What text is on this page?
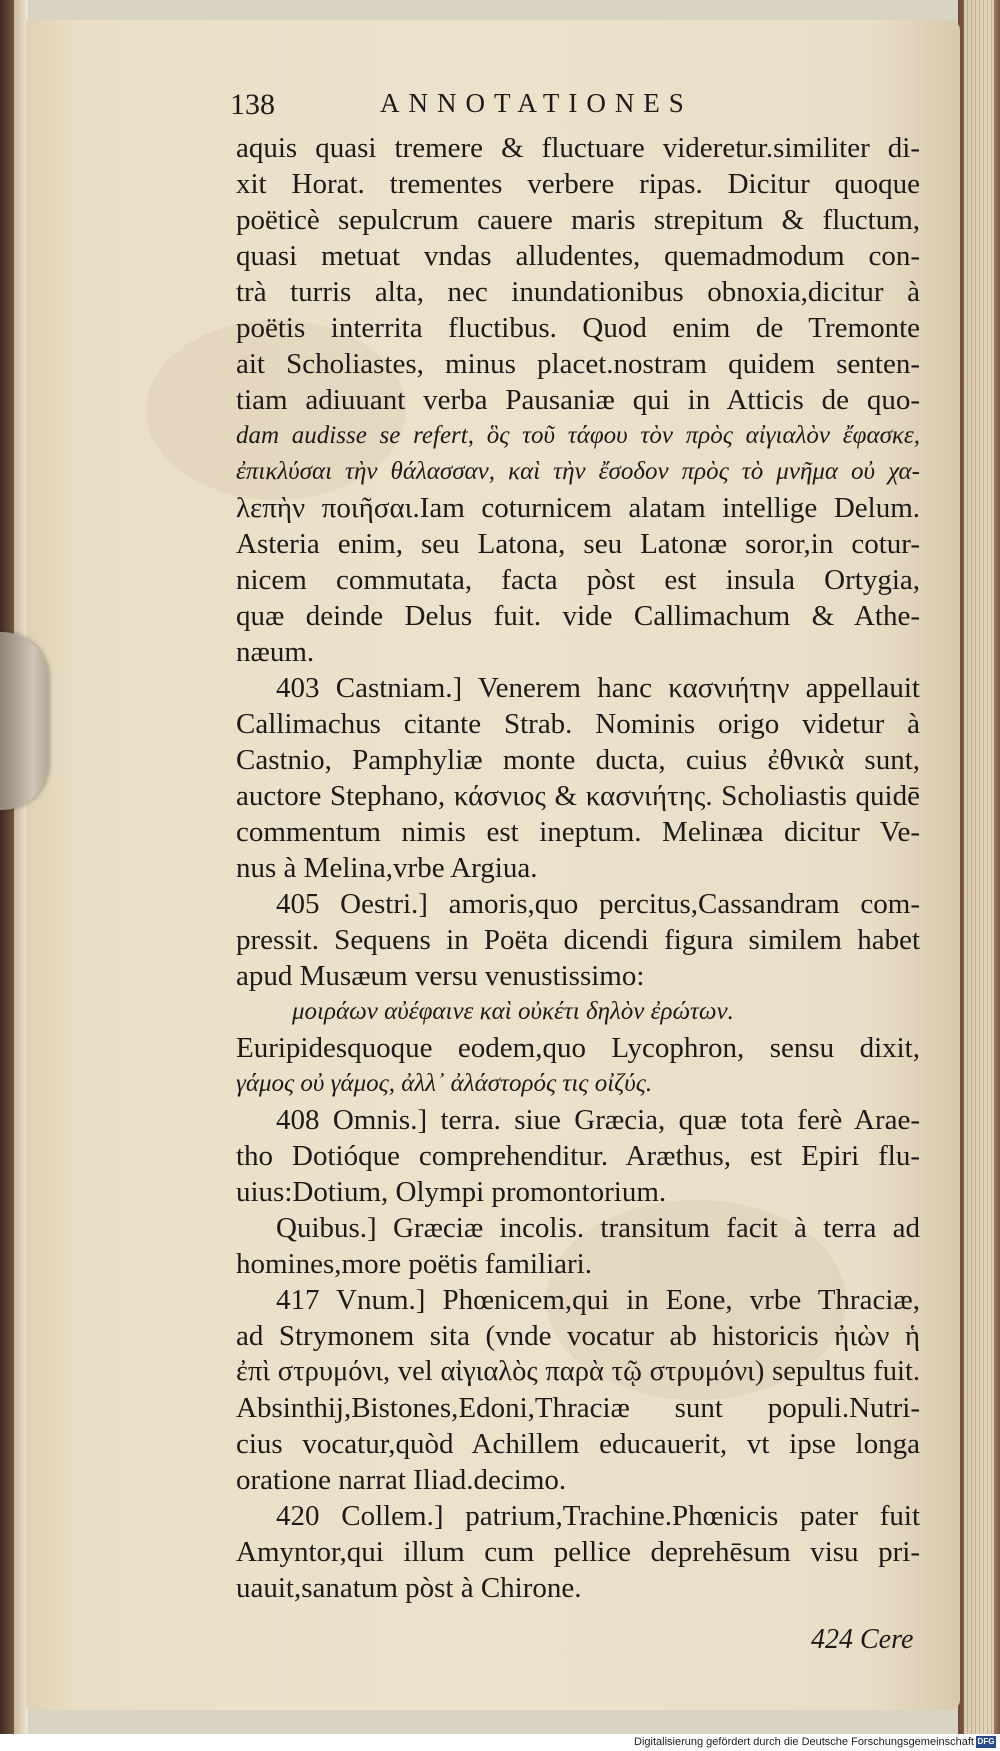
138	ANNOTATIONES
aquis quasi tremere & fluctuare videretur.similiter di-
xit Horat. trementes verbere ripas. Dicitur quoque
poëticè sepulcrum cauere maris strepitum & fluctum,
quasi metuat vndas alludentes, quemadmodum con-
trà turris alta, nec inundationibus obnoxia,dicitur à
poëtis interrita fluctibus. Quod enim de Tremonte
ait Scholiastes, minus placet.nostram quidem senten-
tiam adiuuant verba Pausaniæ qui in Atticis de quo-
dam audisse se refert, ὃς τοῦ τάφου τὸν πρὸς αἰγιαλὸν ἔφασκε,
ἐπικλύσαι τὴν θάλασσαν, καὶ τὴν ἔσοδον πρὸς τὸ μνῆμα οὐ χα-
λεπὴν ποιῆσαι.Iam coturnicem alatam intellige Delum.
Asteria enim, seu Latona, seu Latonæ soror,in cotur-
nicem commutata, facta pòst est insula Ortygia,
quæ deinde Delus fuit. vide Callimachum & Athe-
næum.
403 Castniam.] Venerem hanc κασνιήτην appellauit
Callimachus citante Strab. Nominis origo videtur à
Castnio, Pamphyliæ monte ducta, cuius ἐθνικὰ sunt,
auctore Stephano, κάσνιος & κασνιήτης. Scholiastis quidē
commentum nimis est ineptum. Melinæa dicitur Ve-
nus à Melina,vrbe Argiua.
405 Oestri.] amoris,quo percitus,Cassandram com-
pressit. Sequens in Poëta dicendi figura similem habet
apud Musæum versu venustissimo:
μοιράων αὐέφαινε καὶ οὐκέτι δηλὸν ἐρώτων.
Euripidesquoque eodem,quo Lycophron, sensu dixit,
γάμος οὐ γάμος, ἀλλ᾽ ἀλάστορός τις οἰζύς.
408 Omnis.] terra. siue Græcia, quæ tota ferè Arae-
tho Dotióque comprehenditur. Aræthus, est Epiri flu-
uius:Dotium, Olympi promontorium.
Quibus.] Græciæ incolis. transitum facit à terra ad
homines,more poëtis familiari.
417 Vnum.] Phœnicem,qui in Eone, vrbe Thraciæ,
ad Strymonem sita (vnde vocatur ab historicis ἠιὼν ἡ
ἐπὶ στρυμόνι, vel αἰγιαλὸς παρὰ τῷ στρυμόνι) sepultus fuit.
Absinthij,Bistones,Edoni,Thraciæ sunt populi.Nutri-
cius vocatur,quòd Achillem educauerit, vt ipse longa
oratione narrat Iliad.decimo.
420 Collem.] patrium,Trachine.Phœnicis pater fuit
Amyntor,qui illum cum pellice deprehēsum visu pri-
uauit,sanatum pòst à Chirone.
424 Cere
Digitalisierung gefördert durch die Deutsche Forschungsgemeinschaft DFG
